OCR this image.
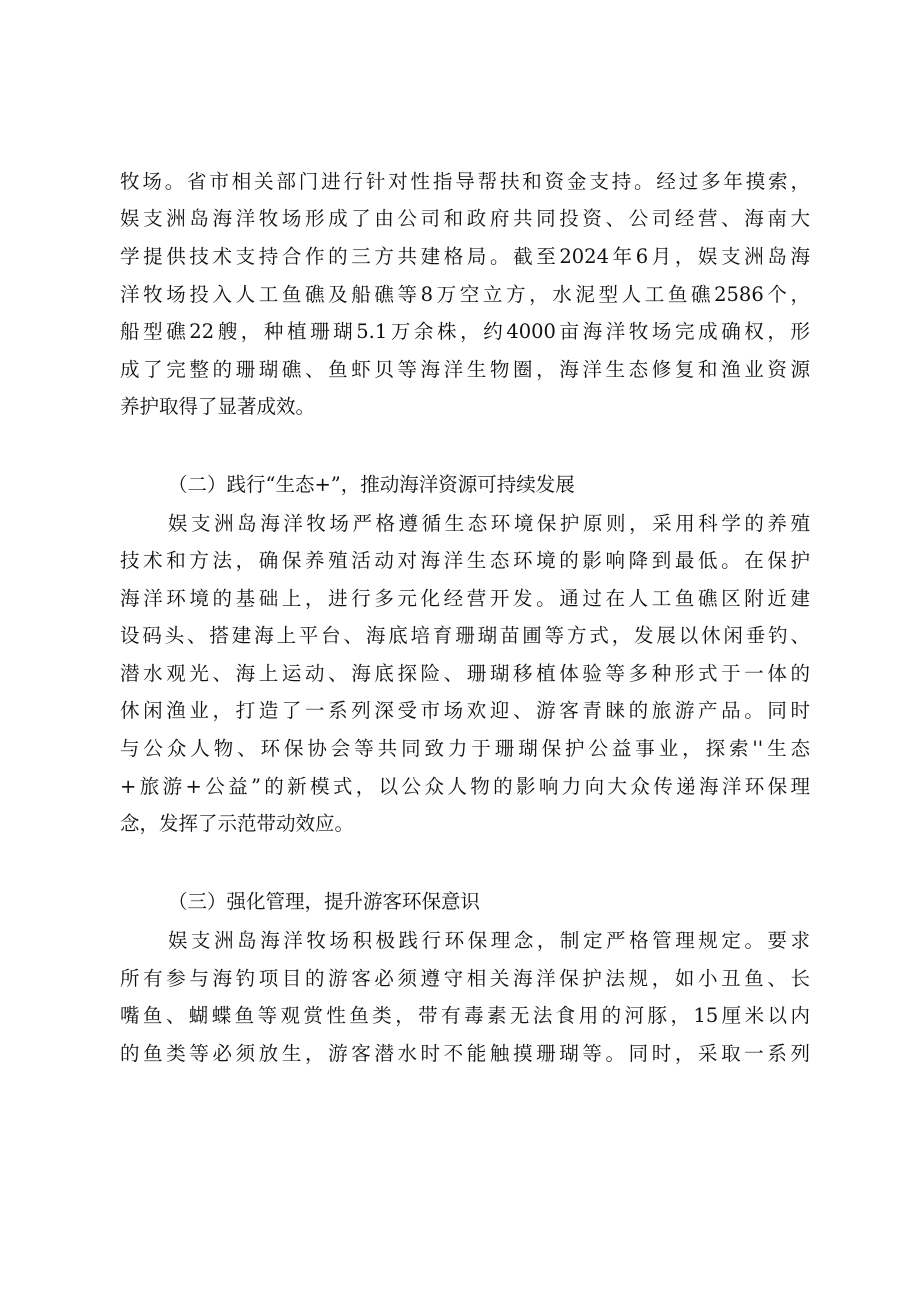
牧场。省市相关部门进行针对性指导帮扶和资金支持。经过多年摸索，
娱支洲岛海洋牧场形成了由公司和政府共同投资、公司经营、海南大
学提供技术支持合作的三方共建格局。截至2024年6月，娱支洲岛海
洋牧场投入人工鱼礁及船礁等8万空立方，水泥型人工鱼礁2586个，
船型礁22艘，种植珊瑚5.1万余株，约4000亩海洋牧场完成确权，形
成了完整的珊瑚礁、鱼虾贝等海洋生物圈，海洋生态修复和渔业资源
养护取得了显著成效。
（二）践行“生态+”，推动海洋资源可持续发展
娱支洲岛海洋牧场严格遵循生态环境保护原则，采用科学的养殖
技术和方法，确保养殖活动对海洋生态环境的影响降到最低。在保护
海洋环境的基础上，进行多元化经营开发。通过在人工鱼礁区附近建
设码头、搭建海上平台、海底培育珊瑚苗圃等方式，发展以休闲垂钓、
潜水观光、海上运动、海底探险、珊瑚移植体验等多种形式于一体的
休闲渔业，打造了一系列深受市场欢迎、游客青睐的旅游产品。同时
与公众人物、环保协会等共同致力于珊瑚保护公益事业，探索''生态
+旅游+公益”的新模式，以公众人物的影响力向大众传递海洋环保理
念，发挥了示范带动效应。
（三）强化管理，提升游客环保意识
娱支洲岛海洋牧场积极践行环保理念，制定严格管理规定。要求
所有参与海钓项目的游客必须遵守相关海洋保护法规，如小丑鱼、长
嘴鱼、蝴蝶鱼等观赏性鱼类，带有毒素无法食用的河豚，15厘米以内
的鱼类等必须放生，游客潜水时不能触摸珊瑚等。同时，采取一系列
